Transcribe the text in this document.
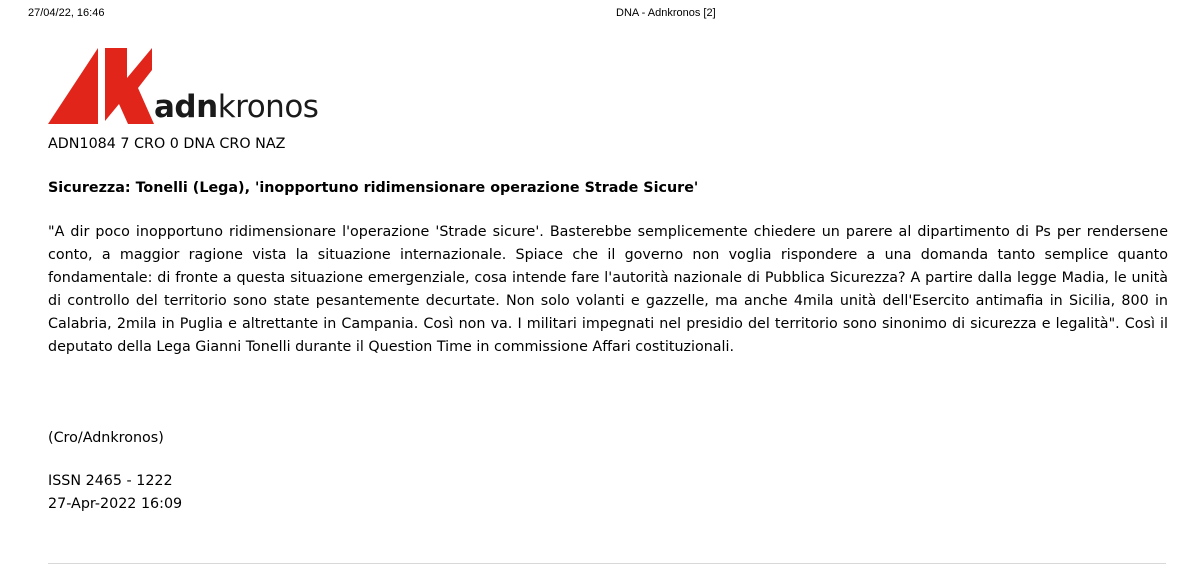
27/04/22, 16:46	DNA - Adnkronos [2]
adnkronos

ADN1084 7 CRO 0 DNA CRO NAZ

Sicurezza: Tonelli (Lega), 'inopportuno ridimensionare operazione Strade Sicure'

"A dir poco inopportuno ridimensionare l'operazione 'Strade sicure'. Basterebbe semplicemente chiedere un parere al dipartimento di Ps per rendersene conto, a maggior ragione vista la situazione internazionale. Spiace che il governo non voglia rispondere a una domanda tanto semplice quanto fondamentale: di fronte a questa situazione emergenziale, cosa intende fare l'autorità nazionale di Pubblica Sicurezza? A partire dalla legge Madia, le unità di controllo del territorio sono state pesantemente decurtate. Non solo volanti e gazzelle, ma anche 4mila unità dell'Esercito antimafia in Sicilia, 800 in Calabria, 2mila in Puglia e altrettante in Campania. Così non va. I militari impegnati nel presidio del territorio sono sinonimo di sicurezza e legalità". Così il deputato della Lega Gianni Tonelli durante il Question Time in commissione Affari costituzionali.

(Cro/Adnkronos)

ISSN 2465 - 1222

27-Apr-2022 16:09
